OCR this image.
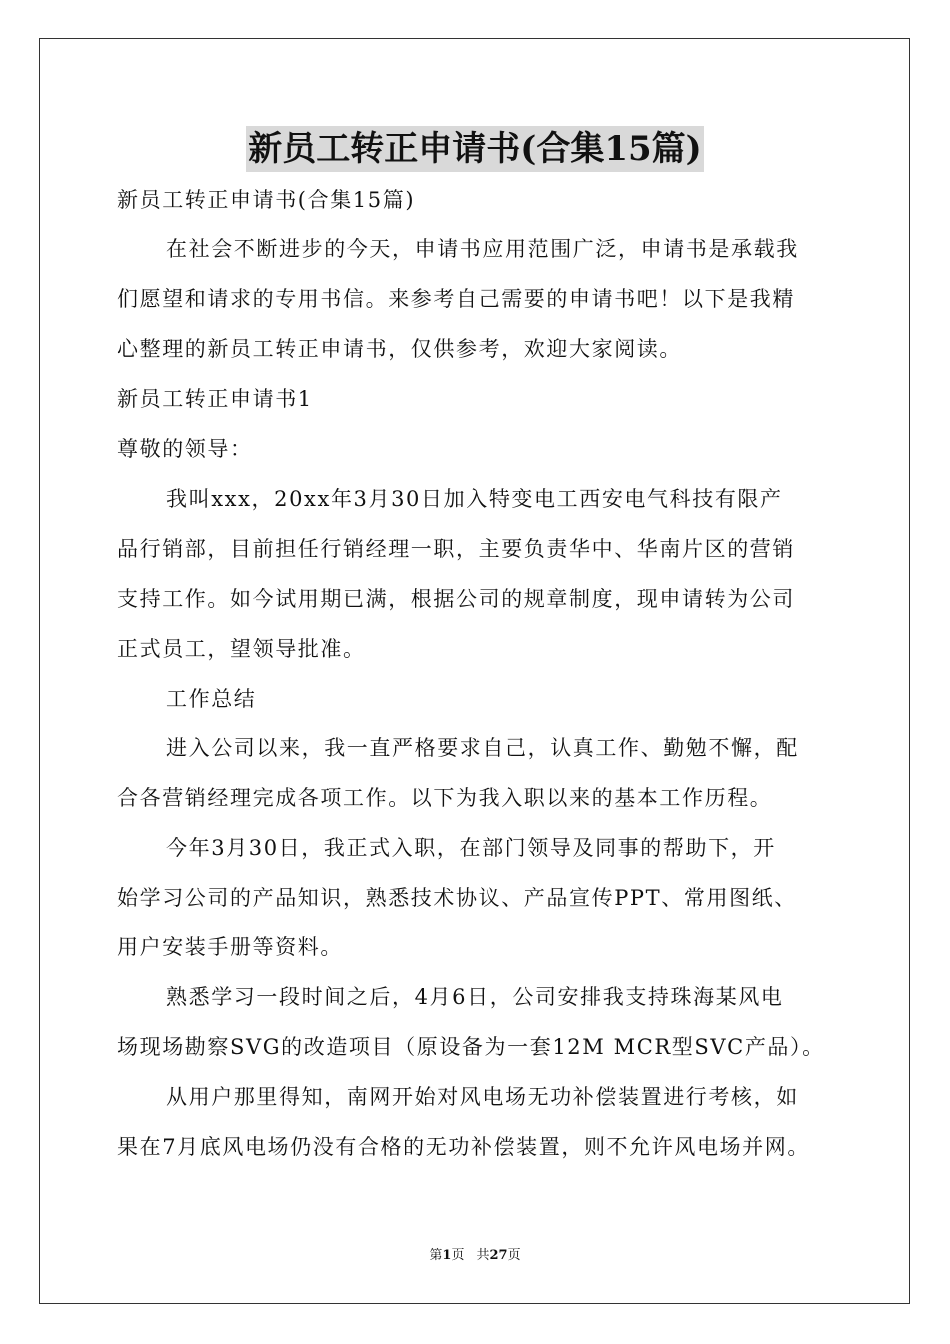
新员工转正申请书(合集15篇)
新员工转正申请书(合集15篇)
在社会不断进步的今天，申请书应用范围广泛，申请书是承载我
们愿望和请求的专用书信。来参考自己需要的申请书吧！以下是我精
心整理的新员工转正申请书，仅供参考，欢迎大家阅读。
新员工转正申请书1
尊敬的领导：
我叫xxx，20xx年3月30日加入特变电工西安电气科技有限产
品行销部，目前担任行销经理一职，主要负责华中、华南片区的营销
支持工作。如今试用期已满，根据公司的规章制度，现申请转为公司
正式员工，望领导批准。
工作总结
进入公司以来，我一直严格要求自己，认真工作、勤勉不懈，配
合各营销经理完成各项工作。以下为我入职以来的基本工作历程。
今年3月30日，我正式入职，在部门领导及同事的帮助下，开
始学习公司的产品知识，熟悉技术协议、产品宣传PPT、常用图纸、
用户安装手册等资料。
熟悉学习一段时间之后，4月6日，公司安排我支持珠海某风电
场现场勘察SVG的改造项目（原设备为一套12M MCR型SVC产品）。
从用户那里得知，南网开始对风电场无功补偿装置进行考核，如
果在7月底风电场仍没有合格的无功补偿装置，则不允许风电场并网。
第1页 共27页
